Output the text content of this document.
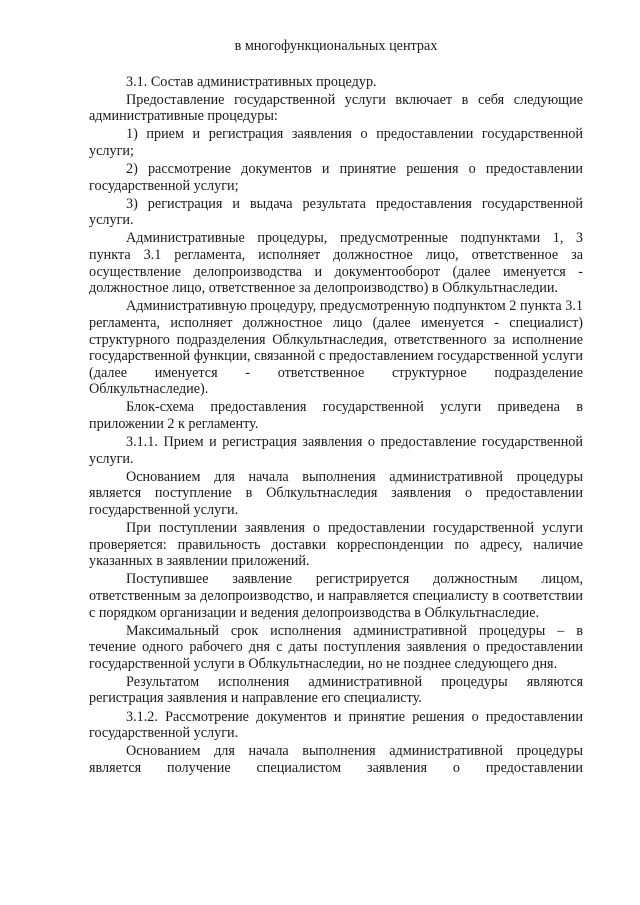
в многофункциональных центрах

3.1. Состав административных процедур.

Предоставление государственной услуги включает в себя следующие административные процедуры:

1) прием и регистрация заявления о предоставлении государственной услуги;

2) рассмотрение документов и принятие решения о предоставлении государственной услуги;

3) регистрация и выдача результата предоставления государственной услуги.

Административные процедуры, предусмотренные подпунктами 1, 3 пункта 3.1 регламента, исполняет должностное лицо, ответственное за осуществление делопроизводства и документооборот (далее именуется - должностное лицо, ответственное за делопроизводство) в Облкультнаследии.

Административную процедуру, предусмотренную подпунктом 2 пункта 3.1 регламента, исполняет должностное лицо (далее именуется - специалист) структурного подразделения Облкультнаследия, ответственного за исполнение государственной функции, связанной с предоставлением государственной услуги (далее именуется - ответственное структурное подразделение Облкультнаследие).

Блок-схема предоставления государственной услуги приведена в приложении 2 к регламенту.

3.1.1. Прием и регистрация заявления о предоставление государственной услуги.

Основанием для начала выполнения административной процедуры является поступление в Облкультнаследия заявления о предоставлении государственной услуги.

При поступлении заявления о предоставлении государственной услуги проверяется: правильность доставки корреспонденции по адресу, наличие указанных в заявлении приложений.

Поступившее заявление регистрируется должностным лицом, ответственным за делопроизводство, и направляется специалисту в соответствии с порядком организации и ведения делопроизводства в Облкультнаследие.

Максимальный срок исполнения административной процедуры – в течение одного рабочего дня с даты поступления заявления о предоставлении государственной услуги в Облкультнаследии, но не позднее следующего дня.

Результатом исполнения административной процедуры являются регистрация заявления и направление его специалисту.

3.1.2. Рассмотрение документов и принятие решения о предоставлении государственной услуги.

Основанием для начала выполнения административной процедуры является получение специалистом заявления о предоставлении
